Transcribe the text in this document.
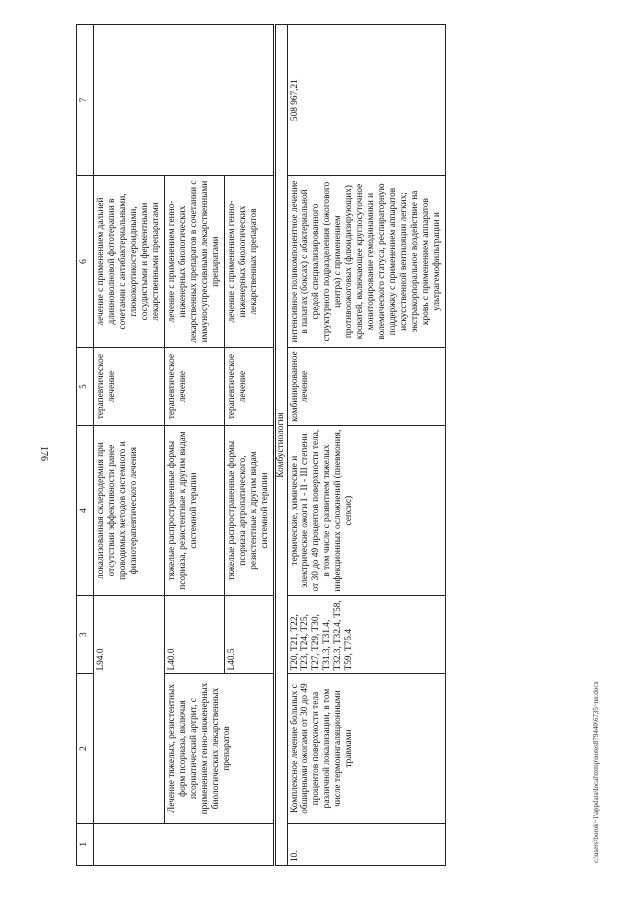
176
1	2	3	4	5	6	7
		L94.0	локализованная склеродермия при отсутствии эффективности ранее проводимых методов системного и физиотерапевтического лечения	терапевтическое лечение	лечение с применением дальней длинноволновой фототерапии в сочетании с антибактериальными, глюкокортикостероидными, сосудистыми и ферментными лекарственными препаратами	
	Лечение тяжелых, резистентных форм псориаза, включая псориатический артрит, с применением генно-инженерных биологических лекарственных препаратов	L40.0	тяжелые распространенные формы псориаза, резистентные к другим видам системной терапии	терапевтическое лечение	лечение с применением генно-инженерных биологических лекарственных препаратов в сочетании с иммуносупрессивными лекарственными препаратами	
		L40.5	тяжелые распространенные формы псориаза артропатического, резистентные к другим видам системной терапии	терапевтическое лечение	лечение с применением генно-инженерных биологических лекарственных препаратов	
Комбустиология						
10.	Комплексное лечение больных с обширными ожогами от 30 до 49 процентов поверхности тела различной локализации, в том числе термоингаляционными травмами	T20, T21, T22, T23, T24, T25, T27, T29, T30, T31.3, T31.4, T32.3, T32.4, T58, T59, T75.4	термические, химические и электрические ожоги I - II - III степени от 30 до 49 процентов поверхности тела, в том числе с развитием тяжелых инфекционных осложнений (пневмония, сепсис)	комбинированное лечение	интенсивное поликомпонентное лечение в палатах (боксах) с абактериальной средой специализированного структурного подразделения (ожогового центра) с применением противоожоговых (флюидизирующих) кроватей, включающее круглосуточное мониторирование гемодинамики и волемического статуса, респираторную поддержку с применением аппаратов искусственной вентиляции легких; экстракорпоральное воздействие на кровь с применением аппаратов ультрагемофильтрации и	508 967,21
c:\users\borok~1\appdata\local\temp\notes879440\6735~nn.docx
